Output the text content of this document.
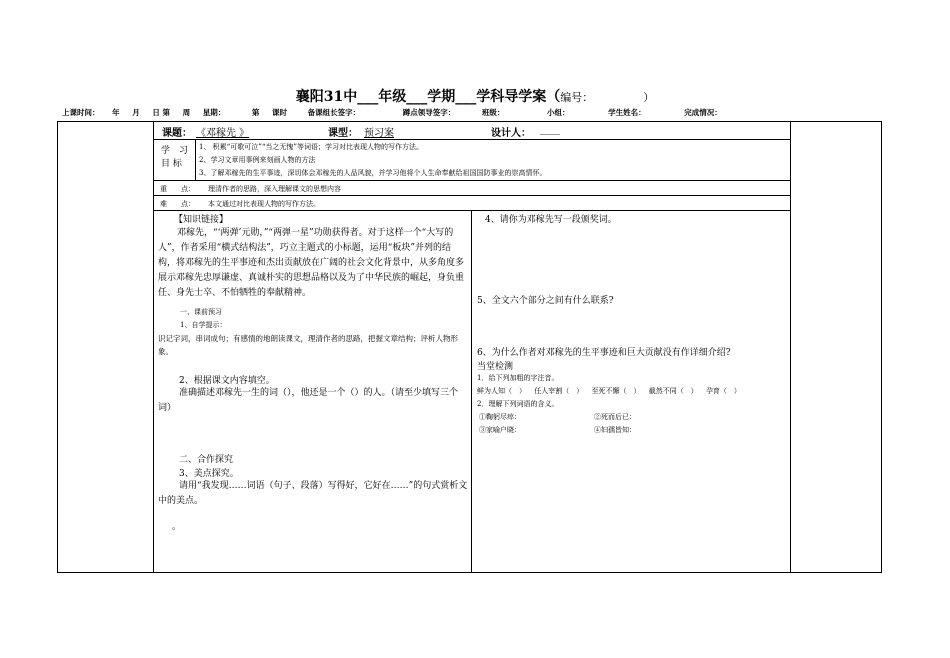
襄阳31中___年级___学期___学科导学案（编号：	）
上课时间： 年 月 日 第 周 星期：	第 课时	备课组长签字：	蹲点领导签字：	班级：	小组：	学生姓名：	完成情况：
课题： 《邓稼先 》	课型： 预习案	设计人： ____
学　习
目 标
1、 积累“可歌可泣”“当之无愧”等词语；学习对比表现人物的写作方法。
2、学习文章用事例来刻画人物的方法
3、了解邓稼先的生平事迹，深切体会邓稼先的人品风貌，并学习他将个人生命奉献给祖国国防事业的崇高情怀。
重　　点： 理清作者的思路，深入理解课文的思想内容
难　　点： 本文通过对比表现人物的写作方法。
【知识链接】
邓稼先，“‘两弹’元勋，”“两弹一星”功勋获得者。对于这样一个“大写的人”，作者采用“横式结构法”，巧立主题式的小标题，运用“板块”并列的结构，将邓稼先的生平事迹和杰出贡献放在广阔的社会文化背景中，从多角度多展示邓稼先忠厚谦虚、真诚朴实的思想品格以及为了中华民族的崛起，身负重任、身先士卒、不怕牺牲的奉献精神。
一、课前预习
1、自学提示：
识记字词，串词成句；有感情的地朗读课文，理清作者的思路，把握文章结构；评析人物形象。
2、根据课文内容填空。
准确描述邓稼先一生的词（），他还是一个（）的人。（请至少填写三个词）
二、合作探究
3、美点探究。
请用“我发现……词语（句子、段落）写得好，它好在……”的句式赏析文中的美点。
。
4、请你为邓稼先写一段颁奖词。
5、全文六个部分之间有什么联系?
6、为什么作者对邓稼先的生平事迹和巨大贡献没有作详细介绍?
当堂检测
1．给下列加粗的字注音。
鲜为人知（　） 任人宰割（　） 至死不懈（　） 截然不同（　） 孕育（　）
2．理解下列词语的含义。
①鞠躬尽瘁：	②死而后已：
③家喻户晓：	④妇孺皆知：
